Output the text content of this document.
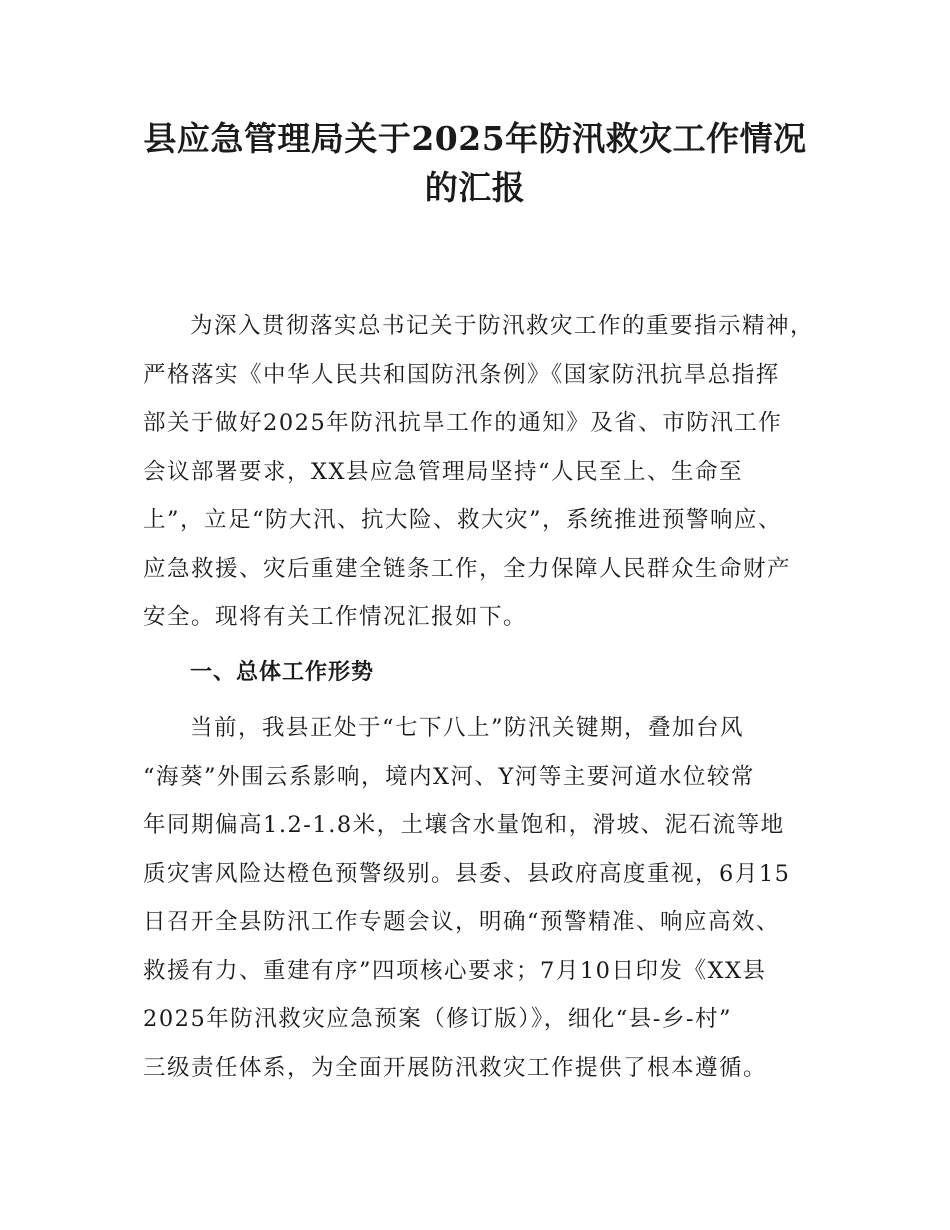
县应急管理局关于2025年防汛救灾工作情况
的汇报
为深入贯彻落实总书记关于防汛救灾工作的重要指示精神，
严格落实《中华人民共和国防汛条例》《国家防汛抗旱总指挥
部关于做好2025年防汛抗旱工作的通知》及省、市防汛工作
会议部署要求，XX县应急管理局坚持“人民至上、生命至
上”，立足“防大汛、抗大险、救大灾”，系统推进预警响应、
应急救援、灾后重建全链条工作，全力保障人民群众生命财产
安全。现将有关工作情况汇报如下。
一、总体工作形势
当前，我县正处于“七下八上”防汛关键期，叠加台风
“海葵”外围云系影响，境内X河、Y河等主要河道水位较常
年同期偏高1.2-1.8米，土壤含水量饱和，滑坡、泥石流等地
质灾害风险达橙色预警级别。县委、县政府高度重视，6月15
日召开全县防汛工作专题会议，明确“预警精准、响应高效、
救援有力、重建有序”四项核心要求；7月10日印发《XX县
2025年防汛救灾应急预案（修订版）》，细化“县-乡-村”
三级责任体系，为全面开展防汛救灾工作提供了根本遵循。
